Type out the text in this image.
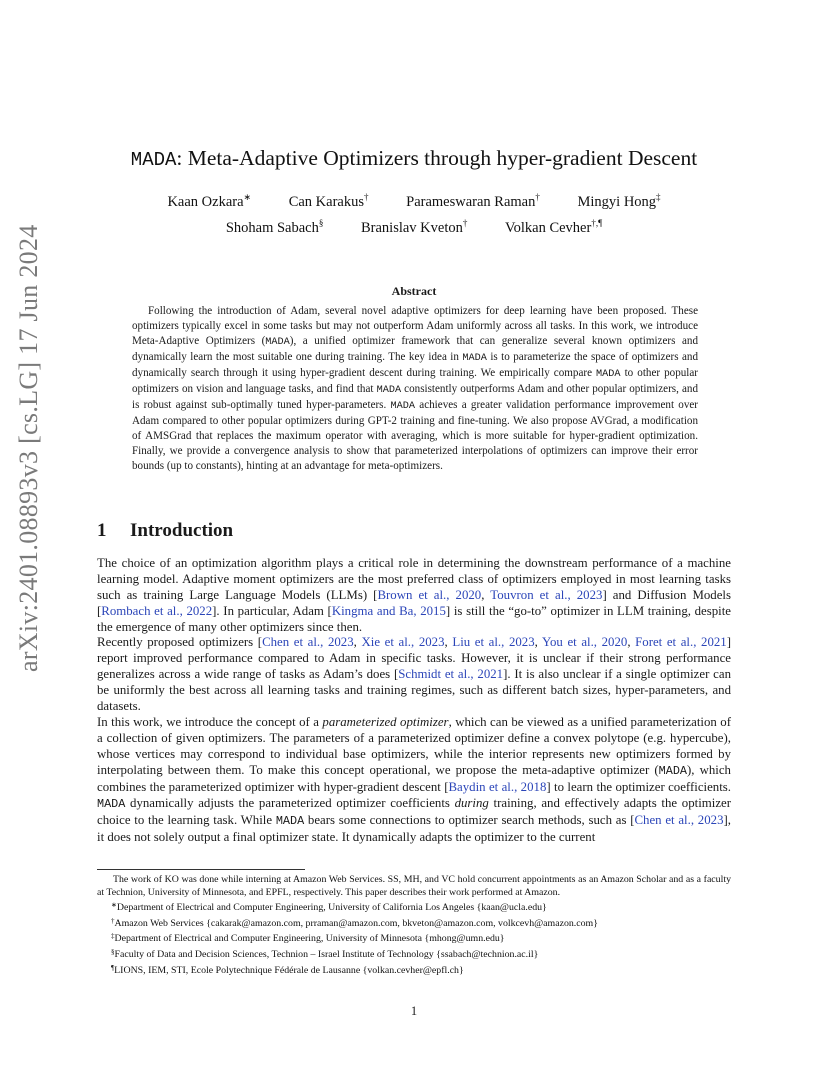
arXiv:2401.08893v3 [cs.LG] 17 Jun 2024
MADA: Meta-Adaptive Optimizers through hyper-gradient Descent
Kaan Ozkara∗	Can Karakus†	Parameswaran Raman†	Mingyi Hong‡
Shoham Sabach§	Branislav Kveton†	Volkan Cevher†,¶
Abstract

Following the introduction of Adam, several novel adaptive optimizers for deep learning have been proposed. These optimizers typically excel in some tasks but may not outperform Adam uniformly across all tasks. In this work, we introduce Meta-Adaptive Optimizers (MADA), a unified optimizer framework that can generalize several known optimizers and dynamically learn the most suitable one during training. The key idea in MADA is to parameterize the space of optimizers and dynamically search through it using hyper-gradient descent during training. We empirically compare MADA to other popular optimizers on vision and language tasks, and find that MADA consistently outperforms Adam and other popular optimizers, and is robust against sub-optimally tuned hyper-parameters. MADA achieves a greater validation performance improvement over Adam compared to other popular optimizers during GPT-2 training and fine-tuning. We also propose AVGrad, a modification of AMSGrad that replaces the maximum operator with averaging, which is more suitable for hyper-gradient optimization. Finally, we provide a convergence analysis to show that parameterized interpolations of optimizers can improve their error bounds (up to constants), hinting at an advantage for meta-optimizers.

1 Introduction

The choice of an optimization algorithm plays a critical role in determining the downstream performance of a machine learning model. Adaptive moment optimizers are the most preferred class of optimizers employed in most learning tasks such as training Large Language Models (LLMs) [Brown et al., 2020, Touvron et al., 2023] and Diffusion Models [Rombach et al., 2022]. In particular, Adam [Kingma and Ba, 2015] is still the “go-to” optimizer in LLM training, despite the emergence of many other optimizers since then.

Recently proposed optimizers [Chen et al., 2023, Xie et al., 2023, Liu et al., 2023, You et al., 2020, Foret et al., 2021] report improved performance compared to Adam in specific tasks. However, it is unclear if their strong performance generalizes across a wide range of tasks as Adam’s does [Schmidt et al., 2021]. It is also unclear if a single optimizer can be uniformly the best across all learning tasks and training regimes, such as different batch sizes, hyper-parameters, and datasets.

In this work, we introduce the concept of a parameterized optimizer, which can be viewed as a unified parameterization of a collection of given optimizers. The parameters of a parameterized optimizer define a convex polytope (e.g. hypercube), whose vertices may correspond to individual base optimizers, while the interior represents new optimizers formed by interpolating between them. To make this concept operational, we propose the meta-adaptive optimizer (MADA), which combines the parameterized optimizer with hyper-gradient descent [Baydin et al., 2018] to learn the optimizer coefficients. MADA dynamically adjusts the parameterized optimizer coefficients during training, and effectively adapts the optimizer choice to the learning task. While MADA bears some connections to optimizer search methods, such as [Chen et al., 2023], it does not solely output a final optimizer state. It dynamically adapts the optimizer to the current

The work of KO was done while interning at Amazon Web Services. SS, MH, and VC hold concurrent appointments as an Amazon Scholar and as a faculty at Technion, University of Minnesota, and EPFL, respectively. This paper describes their work performed at Amazon.

∗Department of Electrical and Computer Engineering, University of California Los Angeles {kaan@ucla.edu}

†Amazon Web Services {cakarak@amazon.com, prraman@amazon.com, bkveton@amazon.com, volkcevh@amazon.com}

‡Department of Electrical and Computer Engineering, University of Minnesota {mhong@umn.edu}

§Faculty of Data and Decision Sciences, Technion – Israel Institute of Technology {ssabach@technion.ac.il}

¶LIONS, IEM, STI, Ecole Polytechnique Fédérale de Lausanne {volkan.cevher@epfl.ch}

1
